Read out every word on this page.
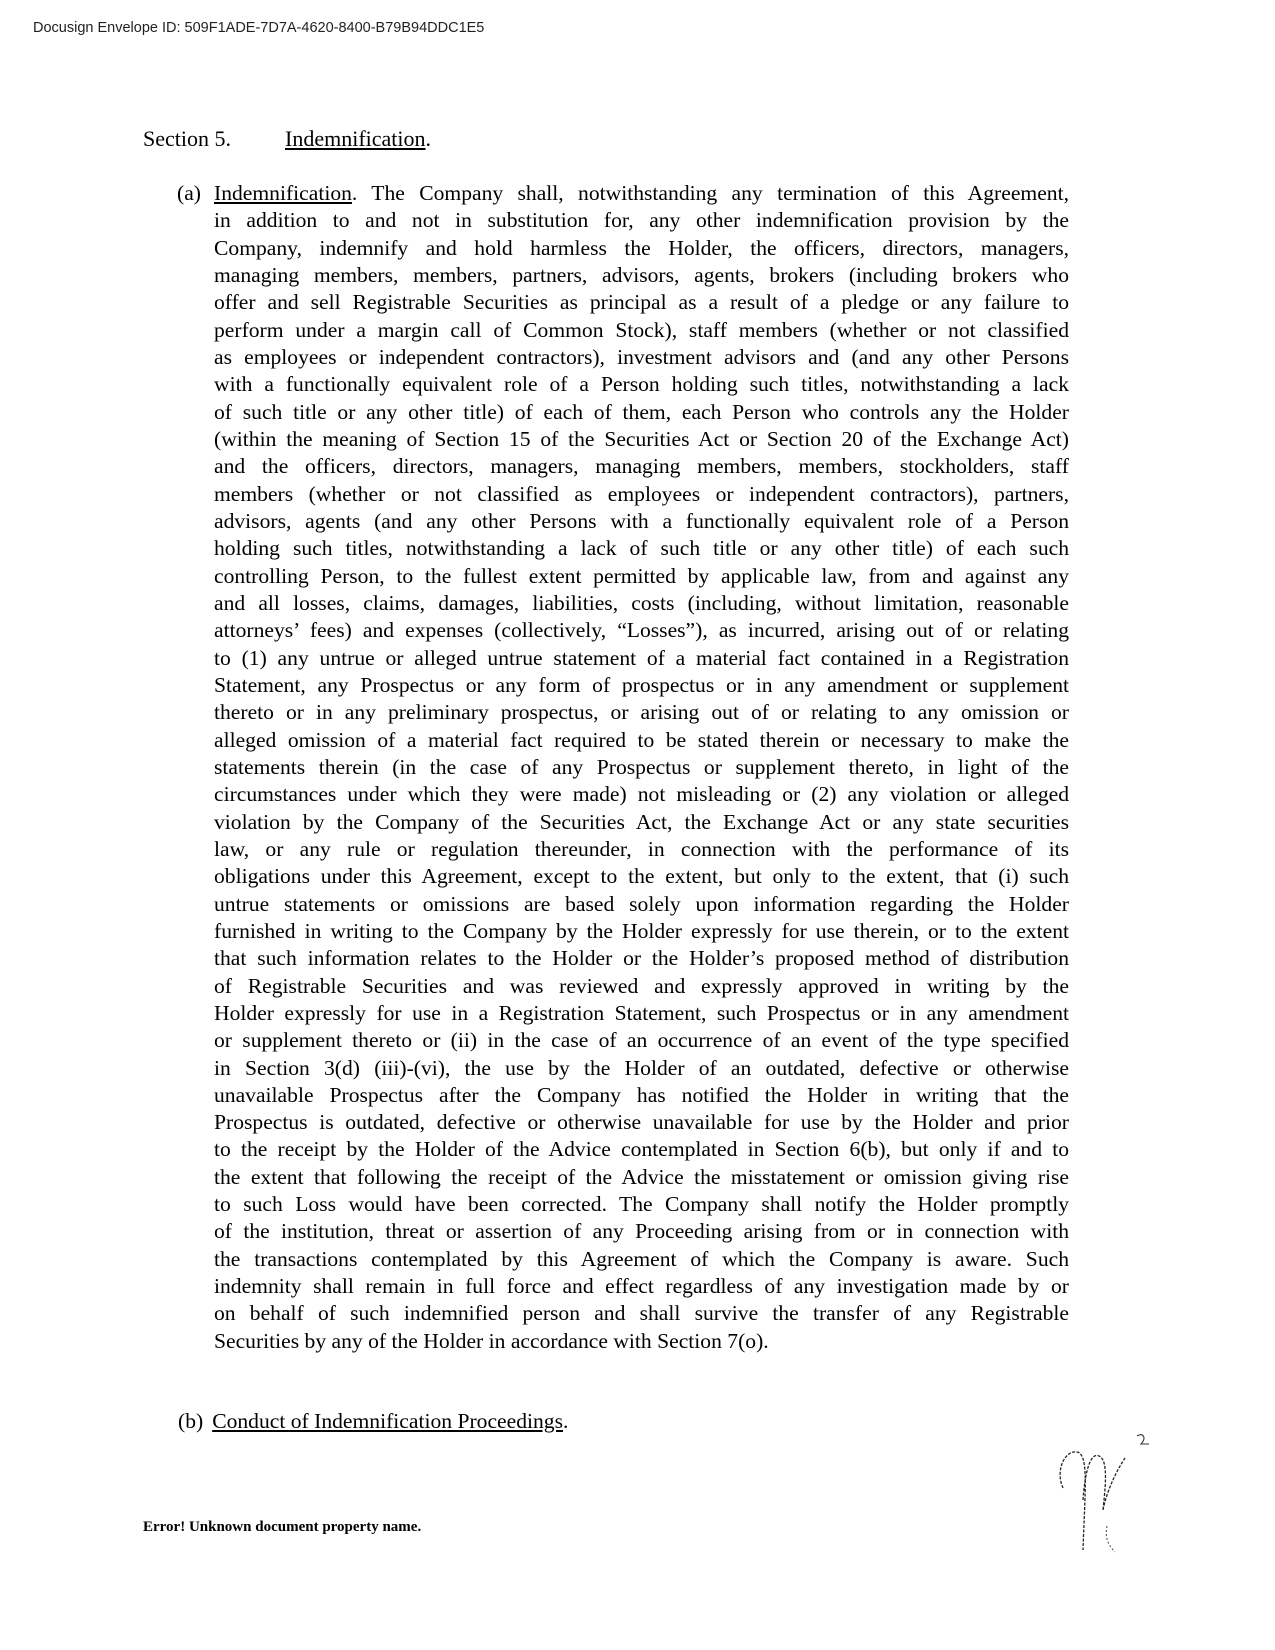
Docusign Envelope ID: 509F1ADE-7D7A-4620-8400-B79B94DDC1E5
Section 5. Indemnification.
(a) Indemnification. The Company shall, notwithstanding any termination of this Agreement,
in addition to and not in substitution for, any other indemnification provision by the
Company, indemnify and hold harmless the Holder, the officers, directors, managers,
managing members, members, partners, advisors, agents, brokers (including brokers who
offer and sell Registrable Securities as principal as a result of a pledge or any failure to
perform under a margin call of Common Stock), staff members (whether or not classified
as employees or independent contractors), investment advisors and (and any other Persons
with a functionally equivalent role of a Person holding such titles, notwithstanding a lack
of such title or any other title) of each of them, each Person who controls any the Holder
(within the meaning of Section 15 of the Securities Act or Section 20 of the Exchange Act)
and the officers, directors, managers, managing members, members, stockholders, staff
members (whether or not classified as employees or independent contractors), partners,
advisors, agents (and any other Persons with a functionally equivalent role of a Person
holding such titles, notwithstanding a lack of such title or any other title) of each such
controlling Person, to the fullest extent permitted by applicable law, from and against any
and all losses, claims, damages, liabilities, costs (including, without limitation, reasonable
attorneys’ fees) and expenses (collectively, “Losses”), as incurred, arising out of or relating
to (1) any untrue or alleged untrue statement of a material fact contained in a Registration
Statement, any Prospectus or any form of prospectus or in any amendment or supplement
thereto or in any preliminary prospectus, or arising out of or relating to any omission or
alleged omission of a material fact required to be stated therein or necessary to make the
statements therein (in the case of any Prospectus or supplement thereto, in light of the
circumstances under which they were made) not misleading or (2) any violation or alleged
violation by the Company of the Securities Act, the Exchange Act or any state securities
law, or any rule or regulation thereunder, in connection with the performance of its
obligations under this Agreement, except to the extent, but only to the extent, that (i) such
untrue statements or omissions are based solely upon information regarding the Holder
furnished in writing to the Company by the Holder expressly for use therein, or to the extent
that such information relates to the Holder or the Holder’s proposed method of distribution
of Registrable Securities and was reviewed and expressly approved in writing by the
Holder expressly for use in a Registration Statement, such Prospectus or in any amendment
or supplement thereto or (ii) in the case of an occurrence of an event of the type specified
in Section 3(d) (iii)-(vi), the use by the Holder of an outdated, defective or otherwise
unavailable Prospectus after the Company has notified the Holder in writing that the
Prospectus is outdated, defective or otherwise unavailable for use by the Holder and prior
to the receipt by the Holder of the Advice contemplated in Section 6(b), but only if and to
the extent that following the receipt of the Advice the misstatement or omission giving rise
to such Loss would have been corrected. The Company shall notify the Holder promptly
of the institution, threat or assertion of any Proceeding arising from or in connection with
the transactions contemplated by this Agreement of which the Company is aware. Such
indemnity shall remain in full force and effect regardless of any investigation made by or
on behalf of such indemnified person and shall survive the transfer of any Registrable
Securities by any of the Holder in accordance with Section 7(o).
(b) Conduct of Indemnification Proceedings.
Error! Unknown document property name.
